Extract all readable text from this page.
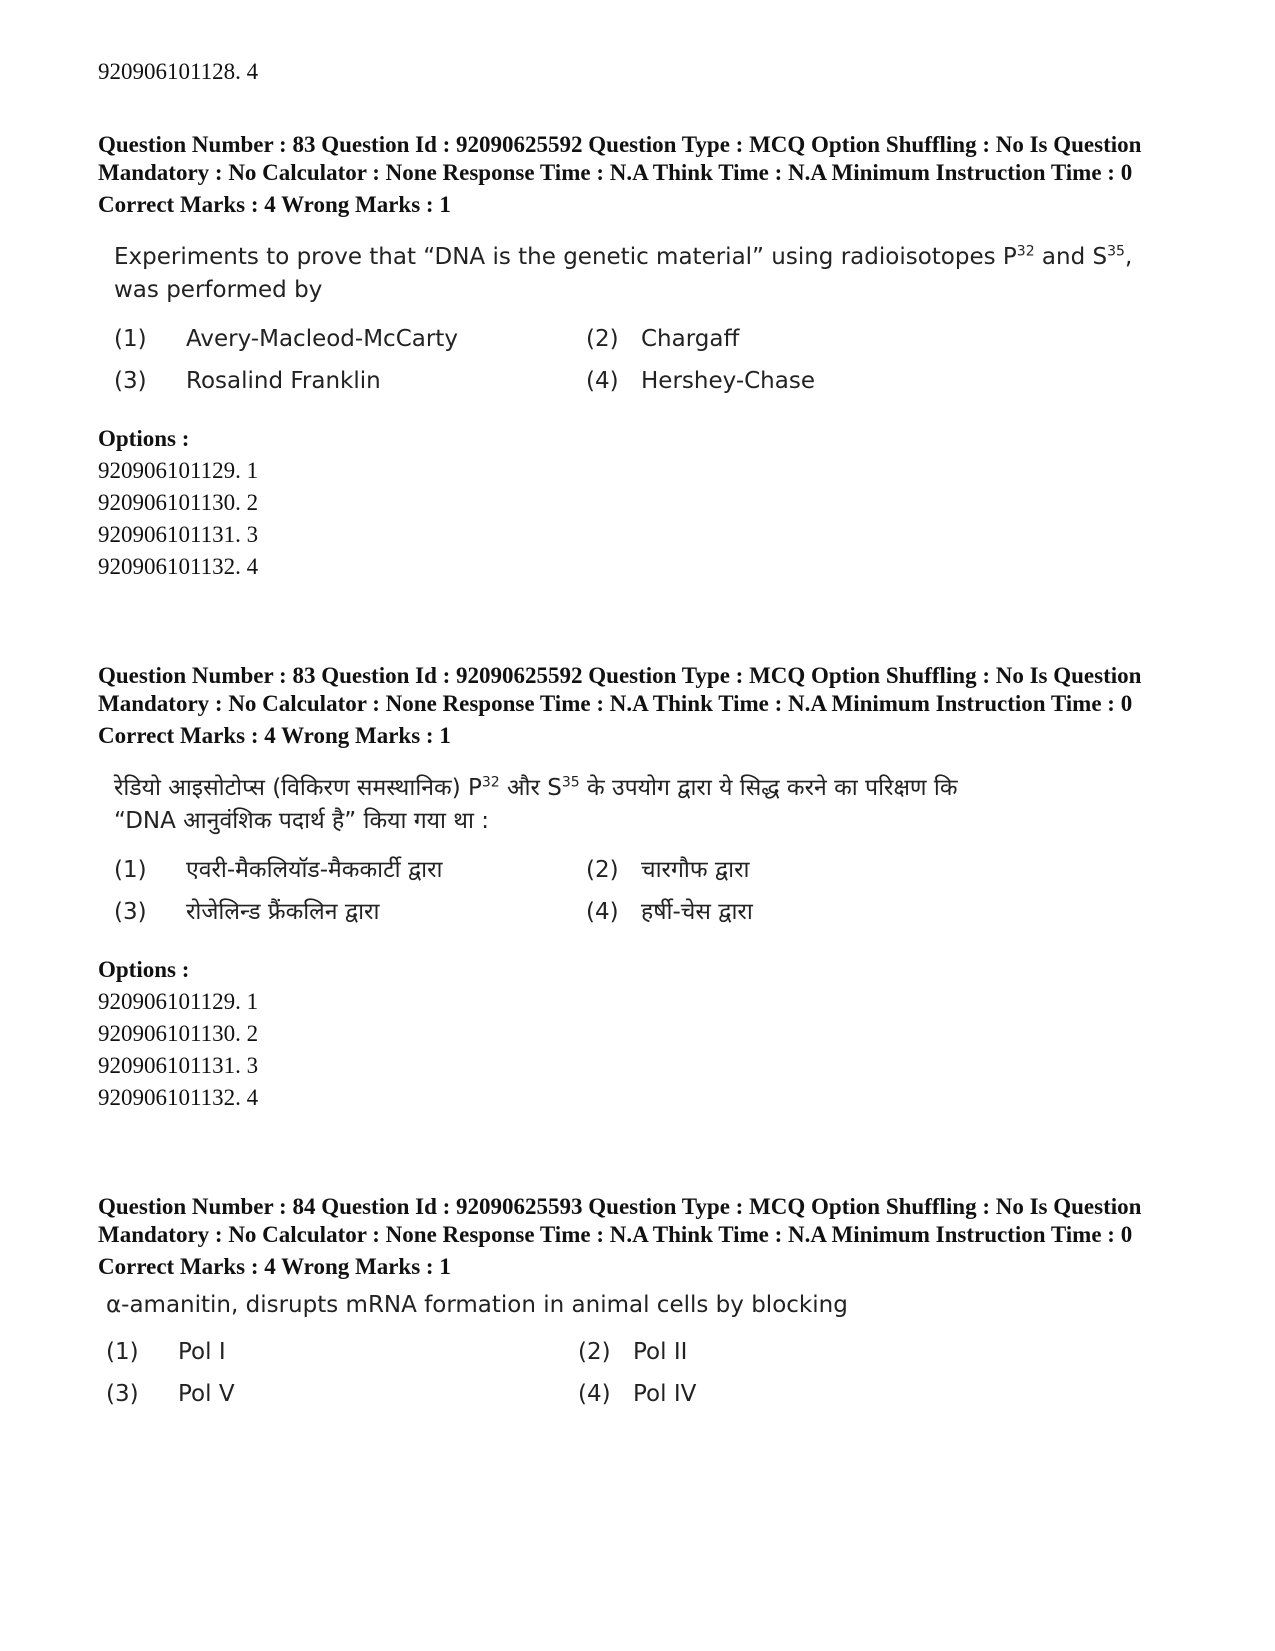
920906101128. 4
Question Number : 83 Question Id : 92090625592 Question Type : MCQ Option Shuffling : No Is Question Mandatory : No Calculator : None Response Time : N.A Think Time : N.A Minimum Instruction Time : 0
Correct Marks : 4 Wrong Marks : 1
Experiments to prove that “DNA is the genetic material” using radioisotopes $P^{32}$ and $S^{35}$,
was performed by
(1)	Avery-Macleod-McCarty	(2) Chargaff
(3)	Rosalind Franklin	(4) Hershey-Chase
Options :
920906101129. 1
920906101130. 2
920906101131. 3
920906101132. 4
Question Number : 83 Question Id : 92090625592 Question Type : MCQ Option Shuffling : No Is Question Mandatory : No Calculator : None Response Time : N.A Think Time : N.A Minimum Instruction Time : 0
Correct Marks : 4 Wrong Marks : 1
रेडियो आइसोटोप्स (विकिरण समस्थानिक) $P^{32}$ और $S^{35}$ के उपयोग द्वारा ये सिद्ध करने का परिक्षण कि
“DNA आनुवंशिक पदार्थ है” किया गया था :
(1)	एवरी-मैकलियॉड-मैककार्टी द्वारा	(2) चारगौफ द्वारा
(3)	रोजेलिन्ड फ्रैंकलिन द्वारा	(4) हर्षी-चेस द्वारा
Options :
920906101129. 1
920906101130. 2
920906101131. 3
920906101132. 4
Question Number : 84 Question Id : 92090625593 Question Type : MCQ Option Shuffling : No Is Question Mandatory : No Calculator : None Response Time : N.A Think Time : N.A Minimum Instruction Time : 0
Correct Marks : 4 Wrong Marks : 1
α-amanitin, disrupts mRNA formation in animal cells by blocking
(1)	Pol I	(2) Pol II
(3)	Pol V	(4) Pol IV
